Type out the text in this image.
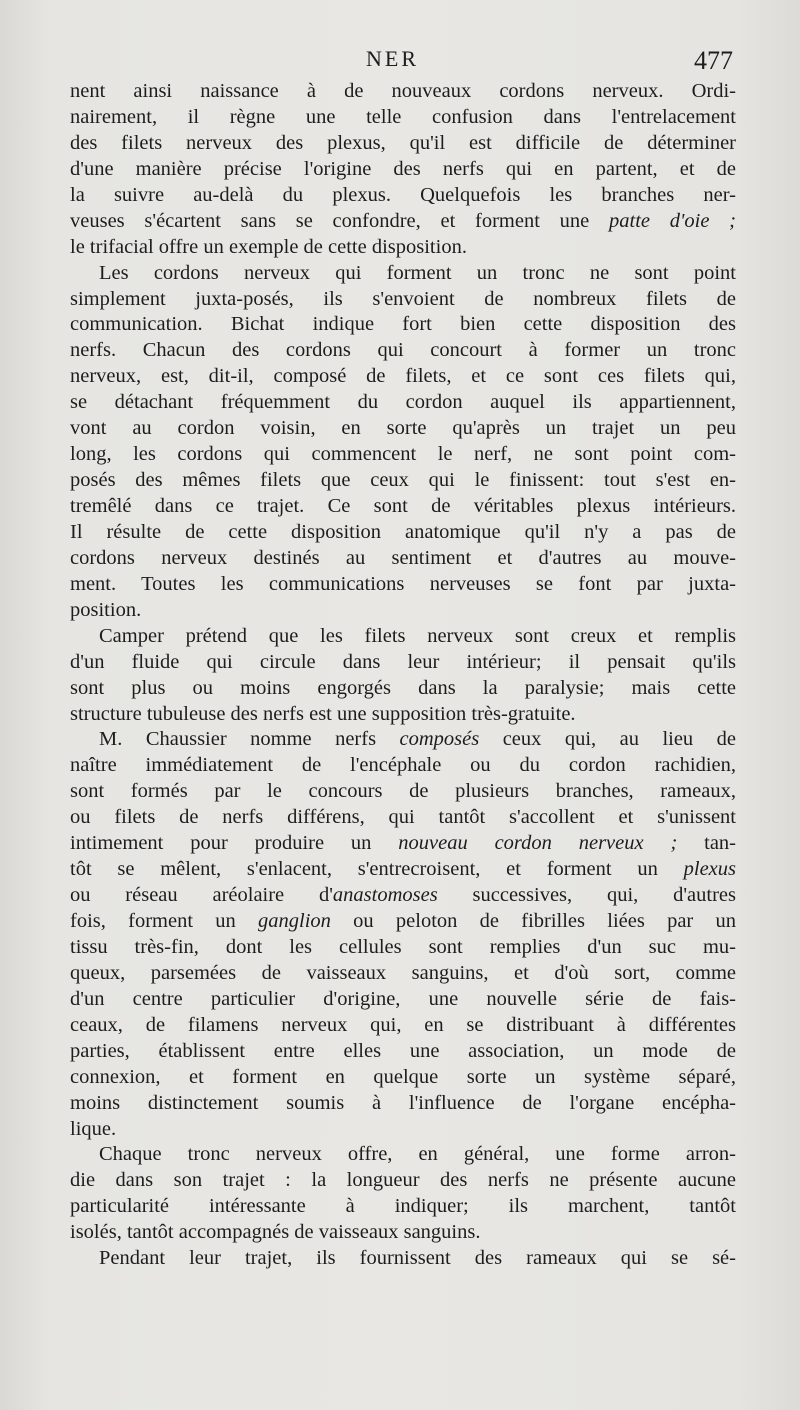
NER	477
nent ainsi naissance à de nouveaux cordons nerveux. Ordi-
nairement, il règne une telle confusion dans l'entrelacement
des filets nerveux des plexus, qu'il est difficile de déterminer
d'une manière précise l'origine des nerfs qui en partent, et de
la suivre au-delà du plexus. Quelquefois les branches ner-
veuses s'écartent sans se confondre, et forment une patte d'oie ;
le trifacial offre un exemple de cette disposition.
Les cordons nerveux qui forment un tronc ne sont point
simplement juxta-posés, ils s'envoient de nombreux filets de
communication. Bichat indique fort bien cette disposition des
nerfs. Chacun des cordons qui concourt à former un tronc
nerveux, est, dit-il, composé de filets, et ce sont ces filets qui,
se détachant fréquemment du cordon auquel ils appartiennent,
vont au cordon voisin, en sorte qu'après un trajet un peu
long, les cordons qui commencent le nerf, ne sont point com-
posés des mêmes filets que ceux qui le finissent: tout s'est en-
tremêlé dans ce trajet. Ce sont de véritables plexus intérieurs.
Il résulte de cette disposition anatomique qu'il n'y a pas de
cordons nerveux destinés au sentiment et d'autres au mouve-
ment. Toutes les communications nerveuses se font par juxta-
position.
Camper prétend que les filets nerveux sont creux et remplis
d'un fluide qui circule dans leur intérieur; il pensait qu'ils
sont plus ou moins engorgés dans la paralysie; mais cette
structure tubuleuse des nerfs est une supposition très-gratuite.
M. Chaussier nomme nerfs composés ceux qui, au lieu de
naître immédiatement de l'encéphale ou du cordon rachidien,
sont formés par le concours de plusieurs branches, rameaux,
ou filets de nerfs différens, qui tantôt s'accollent et s'unissent
intimement pour produire un nouveau cordon nerveux ; tan-
tôt se mêlent, s'enlacent, s'entrecroisent, et forment un plexus
ou réseau aréolaire d'anastomoses successives, qui, d'autres
fois, forment un ganglion ou peloton de fibrilles liées par un
tissu très-fin, dont les cellules sont remplies d'un suc mu-
queux, parsemées de vaisseaux sanguins, et d'où sort, comme
d'un centre particulier d'origine, une nouvelle série de fais-
ceaux, de filamens nerveux qui, en se distribuant à différentes
parties, établissent entre elles une association, un mode de
connexion, et forment en quelque sorte un système séparé,
moins distinctement soumis à l'influence de l'organe encépha-
lique.
Chaque tronc nerveux offre, en général, une forme arron-
die dans son trajet : la longueur des nerfs ne présente aucune
particularité intéressante à indiquer; ils marchent, tantôt
isolés, tantôt accompagnés de vaisseaux sanguins.
Pendant leur trajet, ils fournissent des rameaux qui se sé-
